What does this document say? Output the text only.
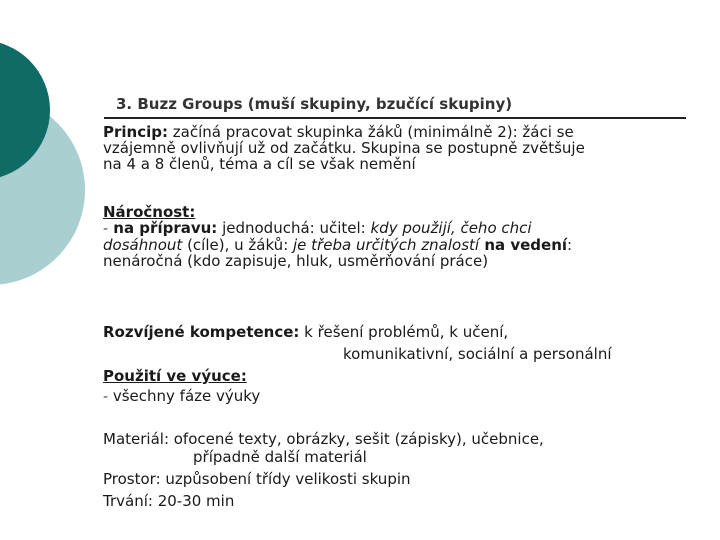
3. Buzz Groups (muší skupiny, bzučící skupiny)
Princip: začíná pracovat skupinka žáků (minimálně 2): žáci se
vzájemně ovlivňují už od začátku. Skupina se postupně zvětšuje
na 4 a 8 členů, téma a cíl se však nemění
Náročnost:
- na přípravu: jednoduchá: učitel: kdy použijí, čeho chci
dosáhnout (cíle), u žáků: je třeba určitých znalostí na vedení:
nenáročná (kdo zapisuje, hluk, usměrňování práce)
Rozvíjené kompetence: k řešení problémů, k učení,
komunikativní, sociální a personální
Použití ve výuce:
- všechny fáze výuky
Materiál: ofocené texty, obrázky, sešit (zápisky), učebnice,
případně další materiál
Prostor: uzpůsobení třídy velikosti skupin
Trvání: 20-30 min
